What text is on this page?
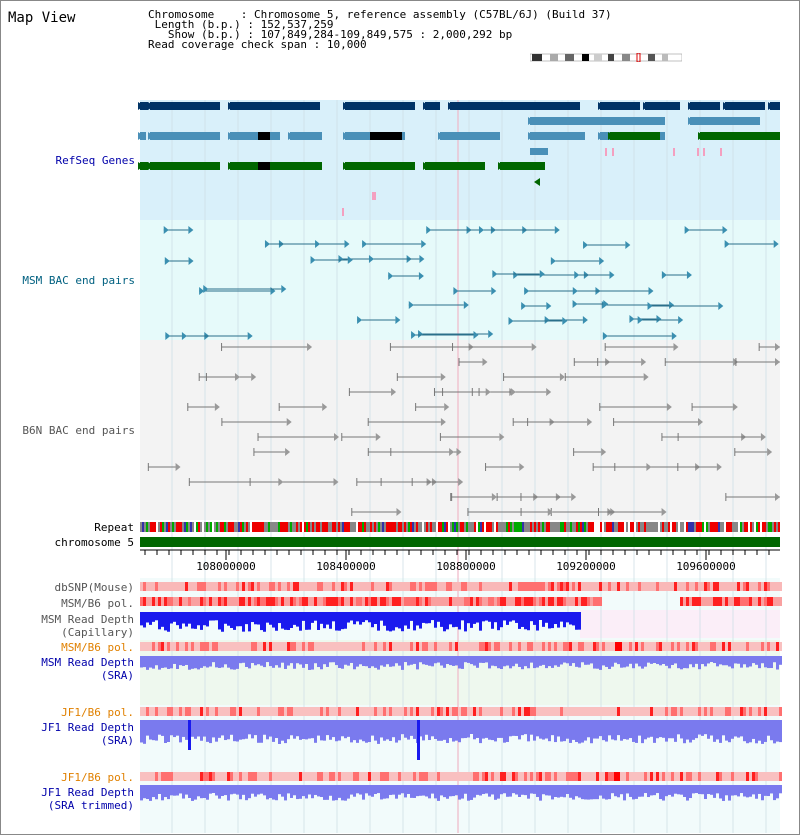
Map View	Chromosome    : Chromosome 5, reference assembly (C57BL/6J) (Build 37)
Length (b.p.) : 152,537,259
Show (b.p.) : 107,849,284-109,849,575 : 2,000,292 bp
Read coverage check span : 10,000
108000000	108400000	108800000	109200000	109600000
RefSeq Genes
MSM BAC end pairs
B6N BAC end pairs
Repeat
chromosome 5
dbSNP(Mouse)
MSM/B6 pol.
MSM Read Depth
(Capillary)
MSM/B6 pol.
MSM Read Depth
(SRA)
JF1/B6 pol.
JF1 Read Depth
(SRA)
JF1/B6 pol.
JF1 Read Depth
(SRA trimmed)
